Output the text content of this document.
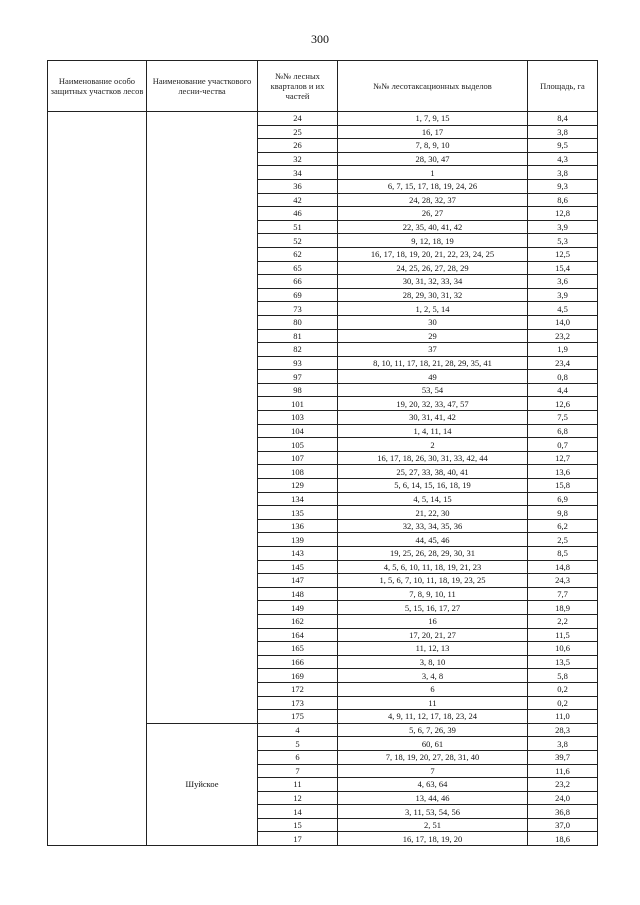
300
Наименование особо защитных участков лесов	Наименование участкового лесни-чества	№№ лесных кварталов и их частей	№№ лесотаксационных выделов	Площадь, га
		24	1, 7, 9, 15	8,4
		25	16, 17	3,8
		26	7, 8, 9, 10	9,5
		32	28, 30, 47	4,3
		34	1	3,8
		36	6, 7, 15, 17, 18, 19, 24, 26	9,3
		42	24, 28, 32, 37	8,6
		46	26, 27	12,8
		51	22, 35, 40, 41, 42	3,9
		52	9, 12, 18, 19	5,3
		62	16, 17, 18, 19, 20, 21, 22, 23, 24, 25	12,5
		65	24, 25, 26, 27, 28, 29	15,4
		66	30, 31, 32, 33, 34	3,6
		69	28, 29, 30, 31, 32	3,9
		73	1, 2, 5, 14	4,5
		80	30	14,0
		81	29	23,2
		82	37	1,9
		93	8, 10, 11, 17, 18, 21, 28, 29, 35, 41	23,4
		97	49	0,8
		98	53, 54	4,4
		101	19, 20, 32, 33, 47, 57	12,6
		103	30, 31, 41, 42	7,5
		104	1, 4, 11, 14	6,8
		105	2	0,7
		107	16, 17, 18, 26, 30, 31, 33, 42, 44	12,7
		108	25, 27, 33, 38, 40, 41	13,6
		129	5, 6, 14, 15, 16, 18, 19	15,8
		134	4, 5, 14, 15	6,9
		135	21, 22, 30	9,8
		136	32, 33, 34, 35, 36	6,2
		139	44, 45, 46	2,5
		143	19, 25, 26, 28, 29, 30, 31	8,5
		145	4, 5, 6, 10, 11, 18, 19, 21, 23	14,8
		147	1, 5, 6, 7, 10, 11, 18, 19, 23, 25	24,3
		148	7, 8, 9, 10, 11	7,7
		149	5, 15, 16, 17, 27	18,9
		162	16	2,2
		164	17, 20, 21, 27	11,5
		165	11, 12, 13	10,6
		166	3, 8, 10	13,5
		169	3, 4, 8	5,8
		172	6	0,2
		173	11	0,2
		175	4, 9, 11, 12, 17, 18, 23, 24	11,0
	Шуйское	4	5, 6, 7, 26, 39	28,3
		5	60, 61	3,8
		6	7, 18, 19, 20, 27, 28, 31, 40	39,7
		7	7	11,6
		11	4, 63, 64	23,2
		12	13, 44, 46	24,0
		14	3, 11, 53, 54, 56	36,8
		15	2, 51	37,0
		17	16, 17, 18, 19, 20	18,6
